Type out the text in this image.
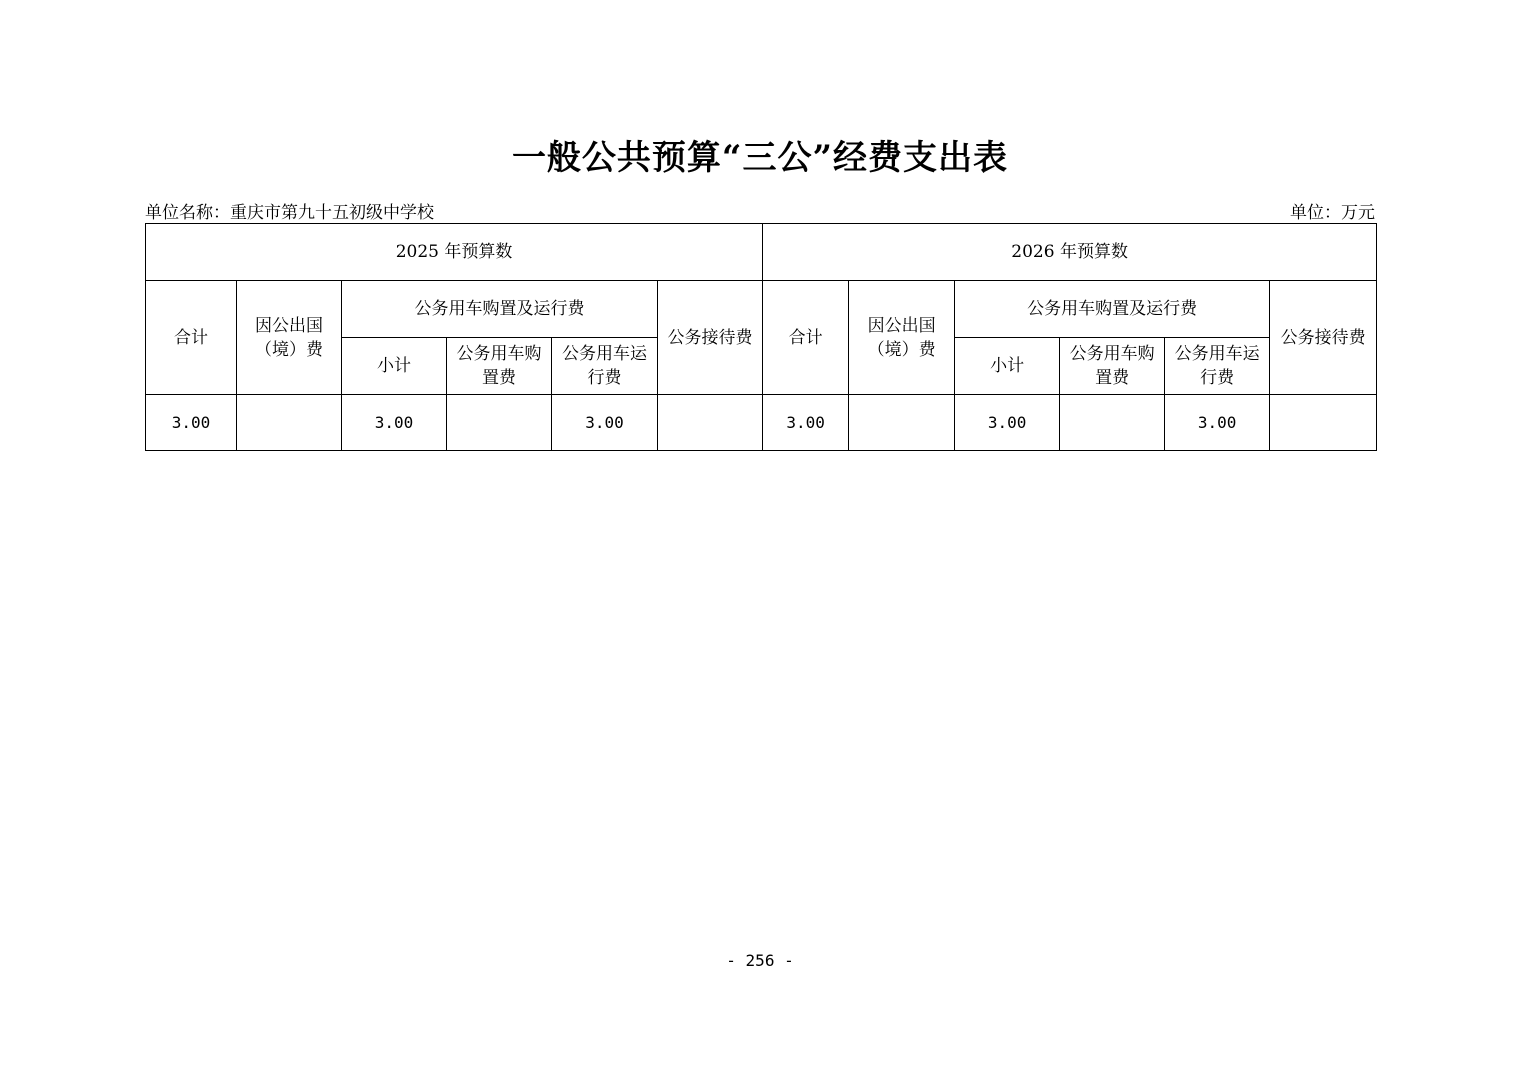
一般公共预算“三公”经费支出表
单位名称：重庆市第九十五初级中学校	单位：万元
2025 年预算数						2026 年预算数					
合计	因公出国（境）费	公务用车购置及运行费			公务接待费	合计	因公出国（境）费	公务用车购置及运行费			公务接待费
		小计	公务用车购置费	公务用车运行费				小计	公务用车购置费	公务用车运行费	
3.00		3.00		3.00		3.00		3.00		3.00	
- 256 -
